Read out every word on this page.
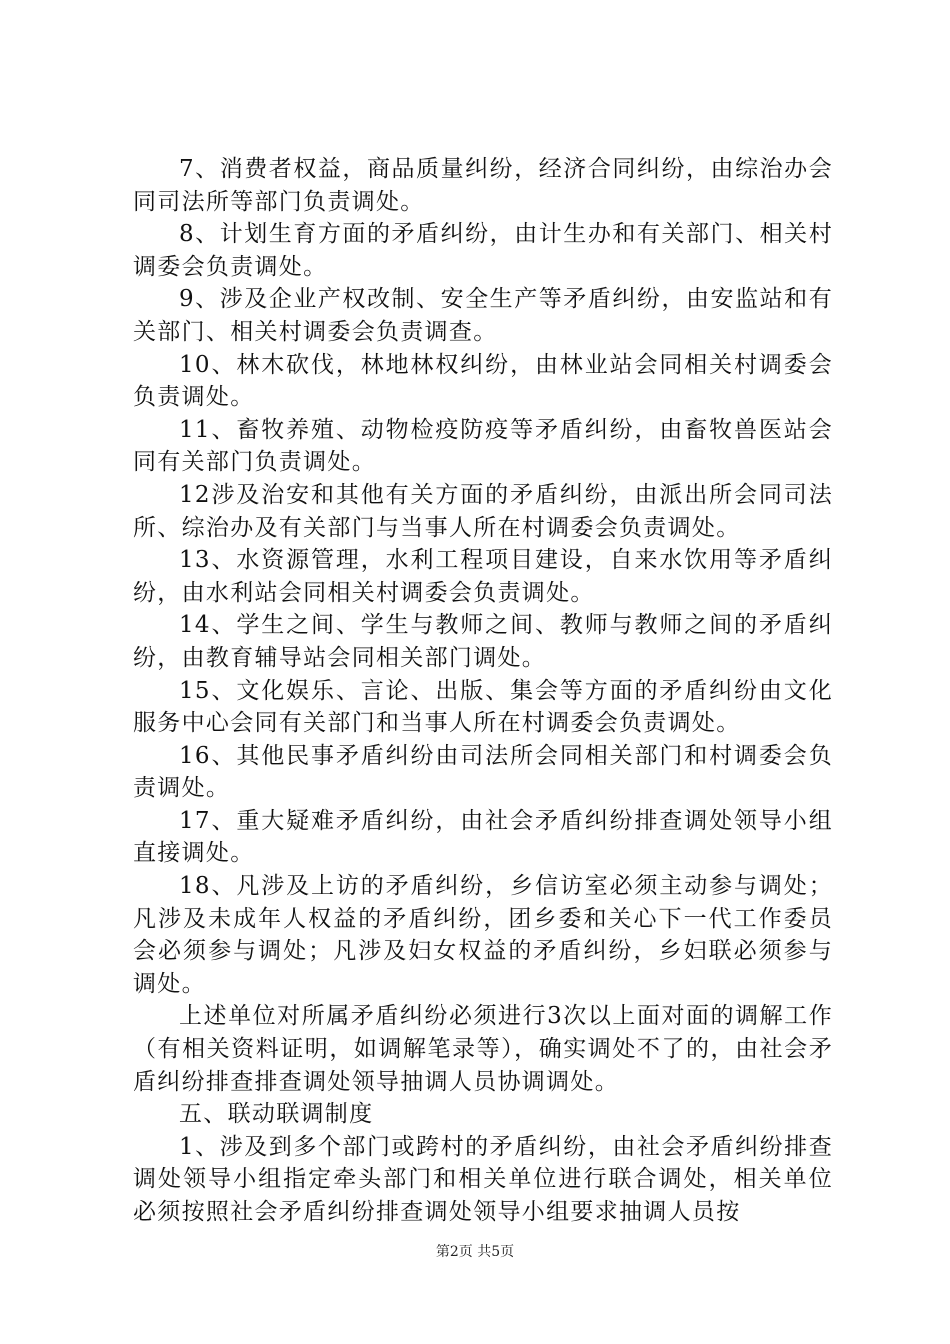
7、消费者权益，商品质量纠纷，经济合同纠纷，由综治办会同司法所等部门负责调处。

8、计划生育方面的矛盾纠纷，由计生办和有关部门、相关村调委会负责调处。

9、涉及企业产权改制、安全生产等矛盾纠纷，由安监站和有关部门、相关村调委会负责调查。

10、林木砍伐，林地林权纠纷，由林业站会同相关村调委会负责调处。

11、畜牧养殖、动物检疫防疫等矛盾纠纷，由畜牧兽医站会同有关部门负责调处。

12涉及治安和其他有关方面的矛盾纠纷，由派出所会同司法所、综治办及有关部门与当事人所在村调委会负责调处。

13、水资源管理，水利工程项目建设，自来水饮用等矛盾纠纷，由水利站会同相关村调委会负责调处。

14、学生之间、学生与教师之间、教师与教师之间的矛盾纠纷，由教育辅导站会同相关部门调处。

15、文化娱乐、言论、出版、集会等方面的矛盾纠纷由文化服务中心会同有关部门和当事人所在村调委会负责调处。

16、其他民事矛盾纠纷由司法所会同相关部门和村调委会负责调处。

17、重大疑难矛盾纠纷，由社会矛盾纠纷排查调处领导小组直接调处。

18、凡涉及上访的矛盾纠纷，乡信访室必须主动参与调处；凡涉及未成年人权益的矛盾纠纷，团乡委和关心下一代工作委员会必须参与调处；凡涉及妇女权益的矛盾纠纷，乡妇联必须参与调处。

上述单位对所属矛盾纠纷必须进行3次以上面对面的调解工作（有相关资料证明，如调解笔录等），确实调处不了的，由社会矛盾纠纷排查排查调处领导抽调人员协调调处。

五、联动联调制度

1、涉及到多个部门或跨村的矛盾纠纷，由社会矛盾纠纷排查调处领导小组指定牵头部门和相关单位进行联合调处，相关单位必须按照社会矛盾纠纷排查调处领导小组要求抽调人员按

第2页 共5页
